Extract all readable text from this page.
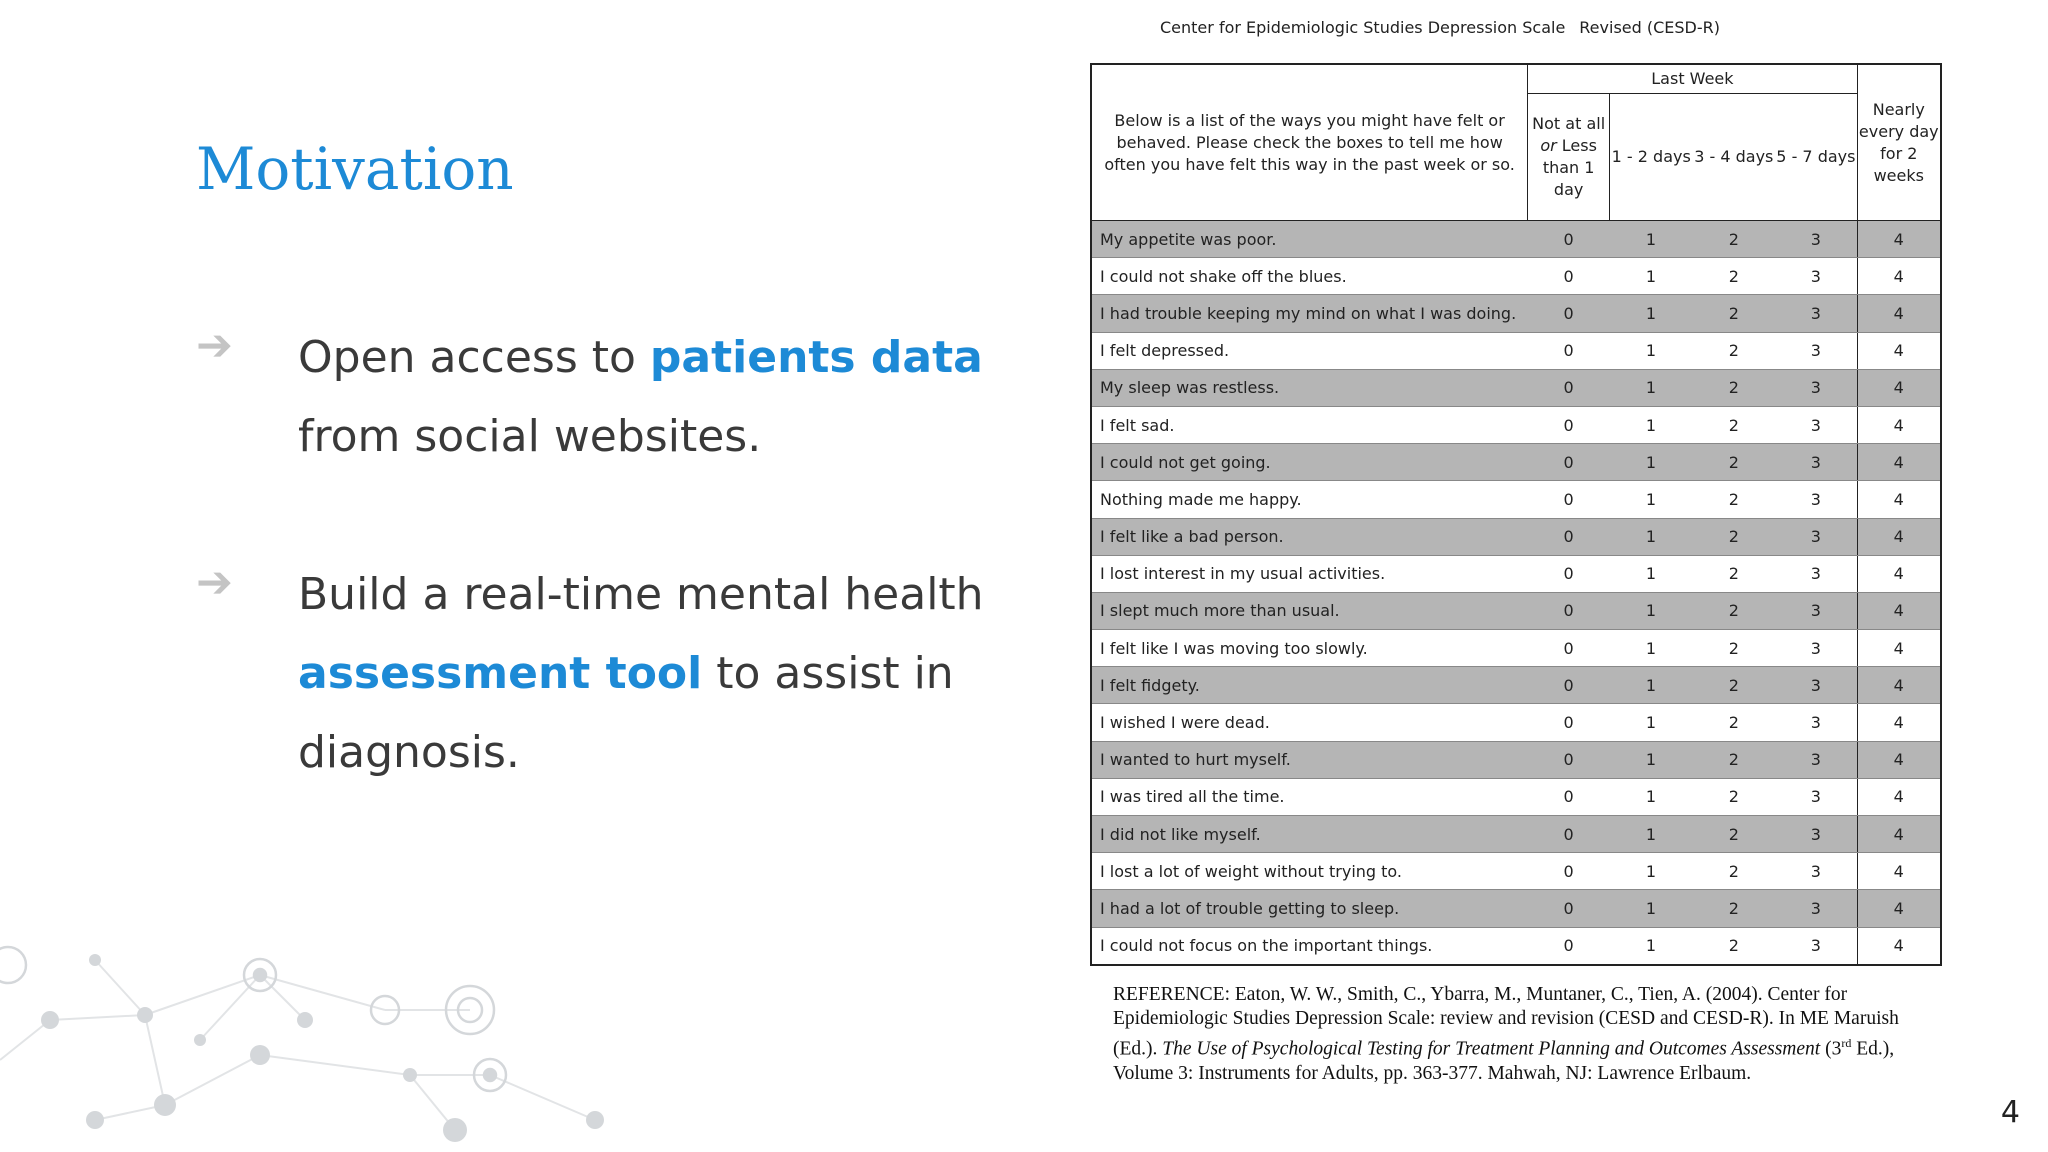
Motivation
➔ Open access to patients data from social websites.
➔ Build a real-time mental health assessment tool to assist in diagnosis.
Center for Epidemiologic Studies Depression Scale Revised (CESD-R)
Below is a list of the ways you might have felt or behaved. Please check the boxes to tell me how often you have felt this way in the past week or so.	Last Week				Nearly every day for 2 weeks
	Not at all or Less than 1 day	1 - 2 days	3 - 4 days	5 - 7 days	
My appetite was poor.	0	1	2	3	4
I could not shake off the blues.	0	1	2	3	4
I had trouble keeping my mind on what I was doing.	0	1	2	3	4
I felt depressed.	0	1	2	3	4
My sleep was restless.	0	1	2	3	4
I felt sad.	0	1	2	3	4
I could not get going.	0	1	2	3	4
Nothing made me happy.	0	1	2	3	4
I felt like a bad person.	0	1	2	3	4
I lost interest in my usual activities.	0	1	2	3	4
I slept much more than usual.	0	1	2	3	4
I felt like I was moving too slowly.	0	1	2	3	4
I felt fidgety.	0	1	2	3	4
I wished I were dead.	0	1	2	3	4
I wanted to hurt myself.	0	1	2	3	4
I was tired all the time.	0	1	2	3	4
I did not like myself.	0	1	2	3	4
I lost a lot of weight without trying to.	0	1	2	3	4
I had a lot of trouble getting to sleep.	0	1	2	3	4
I could not focus on the important things.	0	1	2	3	4
REFERENCE: Eaton, W. W., Smith, C., Ybarra, M., Muntaner, C., Tien, A. (2004). Center for Epidemiologic Studies Depression Scale: review and revision (CESD and CESD-R). In ME Maruish (Ed.). The Use of Psychological Testing for Treatment Planning and Outcomes Assessment (3rd Ed.), Volume 3: Instruments for Adults, pp. 363-377. Mahwah, NJ: Lawrence Erlbaum.
4
